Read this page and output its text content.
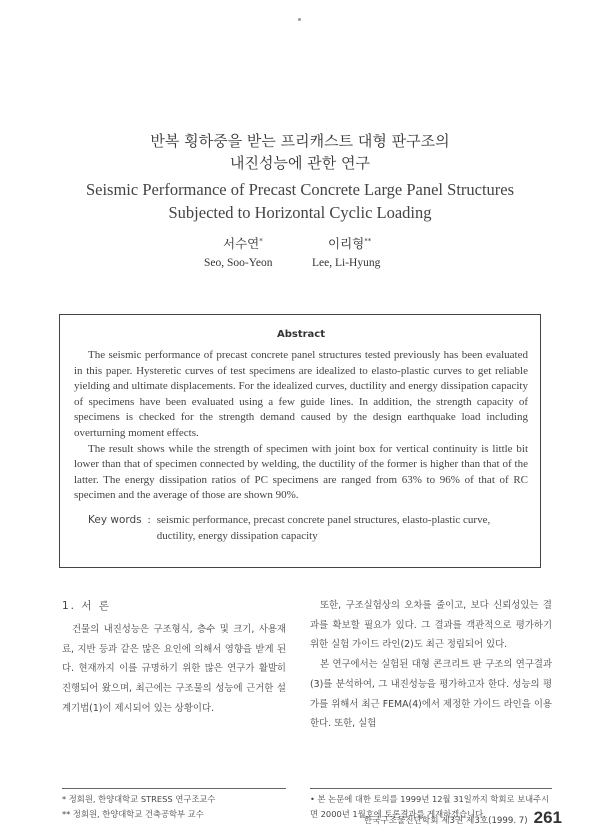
반복 횡하중을 받는 프리캐스트 대형 판구조의
내진성능에 관한 연구
Seismic Performance of Precast Concrete Large Panel Structures
Subjected to Horizontal Cyclic Loading
서수연*	이리형**
Seo, Soo-Yeon	Lee, Li-Hyung
Abstract

The seismic performance of precast concrete panel structures tested previously has been evaluated in this paper. Hysteretic curves of test specimens are idealized to elasto-plastic curves to get reliable yielding and ultimate displacements. For the idealized curves, ductility and energy dissipation capacity of specimens have been evaluated using a few guide lines. In addition, the strength capacity of specimens is checked for the strength demand caused by the design earthquake load including overturning moment effects.

The result shows while the strength of specimen with joint box for vertical continuity is little bit lower than that of specimen connected by welding, the ductility of the former is higher than that of the latter. The energy dissipation ratios of PC specimens are ranged from 63% to 96% of that of RC specimen and the average of those are shown 90%.

Key words : seismic performance, precast concrete panel structures, elasto-plastic curve, ductility, energy dissipation capacity
1. 서 론

건물의 내진성능은 구조형식, 층수 및 크기, 사용재료, 지반 등과 같은 많은 요인에 의해서 영향을 받게 된다. 현재까지 이를 규명하기 위한 많은 연구가 활발히 진행되어 왔으며, 최근에는 구조물의 성능에 근거한 설계기법(1)이 제시되어 있는 상황이다.

또한, 구조실험상의 오차를 줄이고, 보다 신뢰성있는 결과를 확보할 필요가 있다. 그 결과를 객관적으로 평가하기 위한 실험 가이드 라인(2)도 최근 정립되어 있다.

본 연구에서는 실험된 대형 콘크리트 판 구조의 연구결과(3)를 분석하여, 그 내진성능을 평가하고자 한다. 성능의 평가를 위해서 최근 FEMA(4)에서 제정한 가이드 라인을 이용한다. 또한, 실험

* 정회원, 한양대학교 STRESS 연구조교수
** 정회원, 한양대학교 건축공학부 교수
• 본 논문에 대한 토의를 1999년 12월 31일까지 학회로 보내주시면 2000년 1월호에 토론결과를 게재하겠습니다.
한국구조물진단학회 제3권 제3호(1999. 7) 261
